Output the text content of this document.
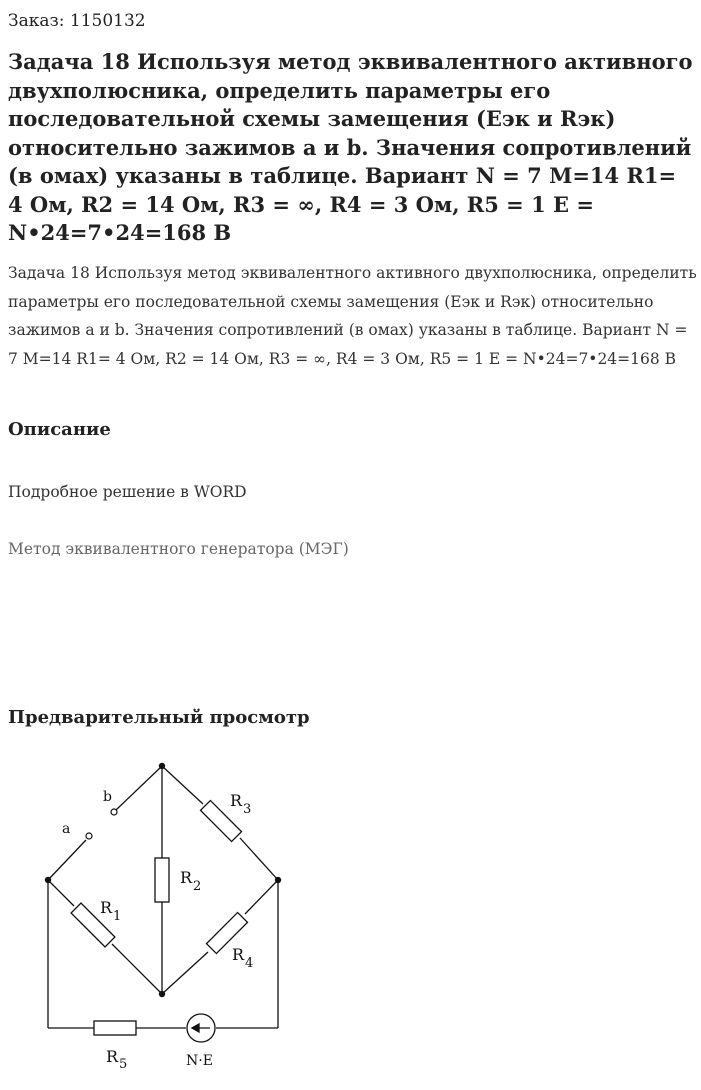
Заказ: 1150132

Задача 18 Используя метод эквивалентного активного двухполюсника, определить параметры его последовательной схемы замещения (Еэк и Rэк) относительно зажимов a и b. Значения сопротивлений (в омах) указаны в таблице. Вариант N = 7 M=14 R1= 4 Ом, R2 = 14 Ом, R3 = ∞, R4 = 3 Ом, R5 = 1 E = N•24=7•24=168 В

Задача 18 Используя метод эквивалентного активного двухполюсника, определить параметры его последовательной схемы замещения (Еэк и Rэк) относительно зажимов a и b. Значения сопротивлений (в омах) указаны в таблице. Вариант N = 7 M=14 R1= 4 Ом, R2 = 14 Ом, R3 = ∞, R4 = 3 Ом, R5 = 1 E = N•24=7•24=168 В

Описание

Подробное решение в WORD

Метод эквивалентного генератора (МЭГ)

Предварительный просмотр
b
a
$R_3$
$R_2$
$R_1$
$R_4$
$R_5$	N·E
